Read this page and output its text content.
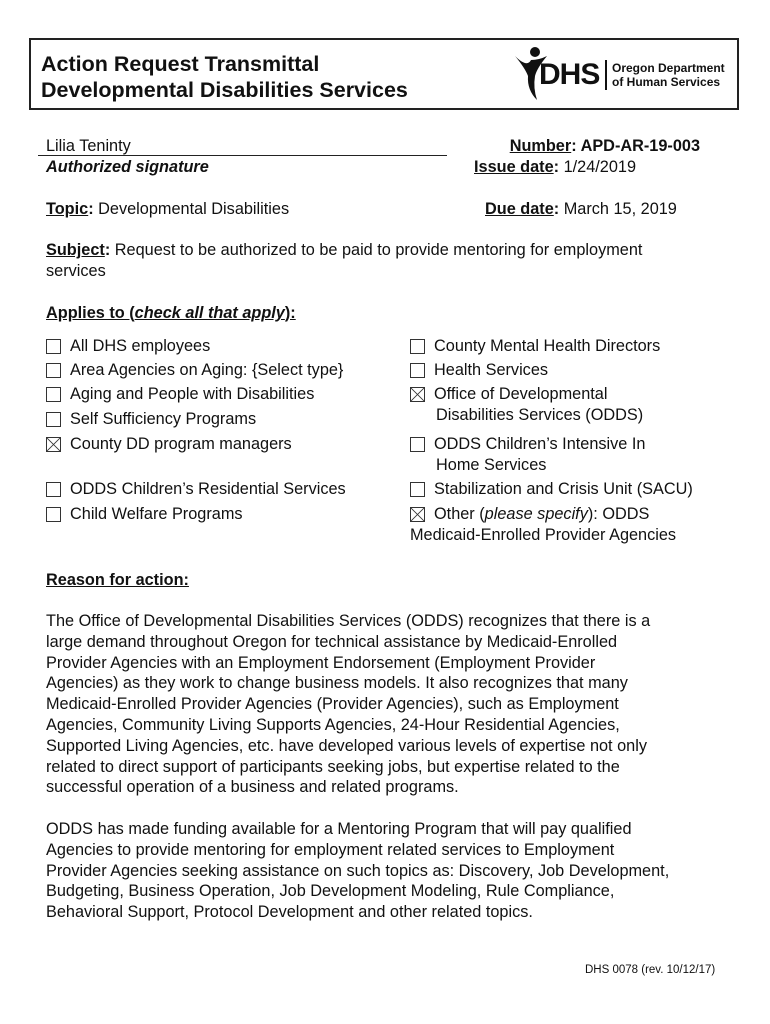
Action Request Transmittal
Developmental Disabilities Services	DHS Oregon Department
of Human Services
Lilia Teninty
Authorized signature
Number: APD-AR-19-003
Issue date: 1/24/2019
Topic: Developmental Disabilities	Due date: March 15, 2019
Subject: Request to be authorized to be paid to provide mentoring for employment
services
Applies to (check all that apply):
All DHS employees
Area Agencies on Aging: {Select type}
Aging and People with Disabilities
Self Sufficiency Programs
County DD program managers
ODDS Children’s Residential Services
Child Welfare Programs
County Mental Health Directors
Health Services
Office of Developmental
Disabilities Services (ODDS)
ODDS Children’s Intensive In
Home Services
Stabilization and Crisis Unit (SACU)
Other (please specify): ODDS
Medicaid-Enrolled Provider Agencies
Reason for action:
The Office of Developmental Disabilities Services (ODDS) recognizes that there is a
large demand throughout Oregon for technical assistance by Medicaid-Enrolled
Provider Agencies with an Employment Endorsement (Employment Provider
Agencies) as they work to change business models. It also recognizes that many
Medicaid-Enrolled Provider Agencies (Provider Agencies), such as Employment
Agencies, Community Living Supports Agencies, 24-Hour Residential Agencies,
Supported Living Agencies, etc. have developed various levels of expertise not only
related to direct support of participants seeking jobs, but expertise related to the
successful operation of a business and related programs.
ODDS has made funding available for a Mentoring Program that will pay qualified
Agencies to provide mentoring for employment related services to Employment
Provider Agencies seeking assistance on such topics as: Discovery, Job Development,
Budgeting, Business Operation, Job Development Modeling, Rule Compliance,
Behavioral Support, Protocol Development and other related topics.
DHS 0078 (rev. 10/12/17)
